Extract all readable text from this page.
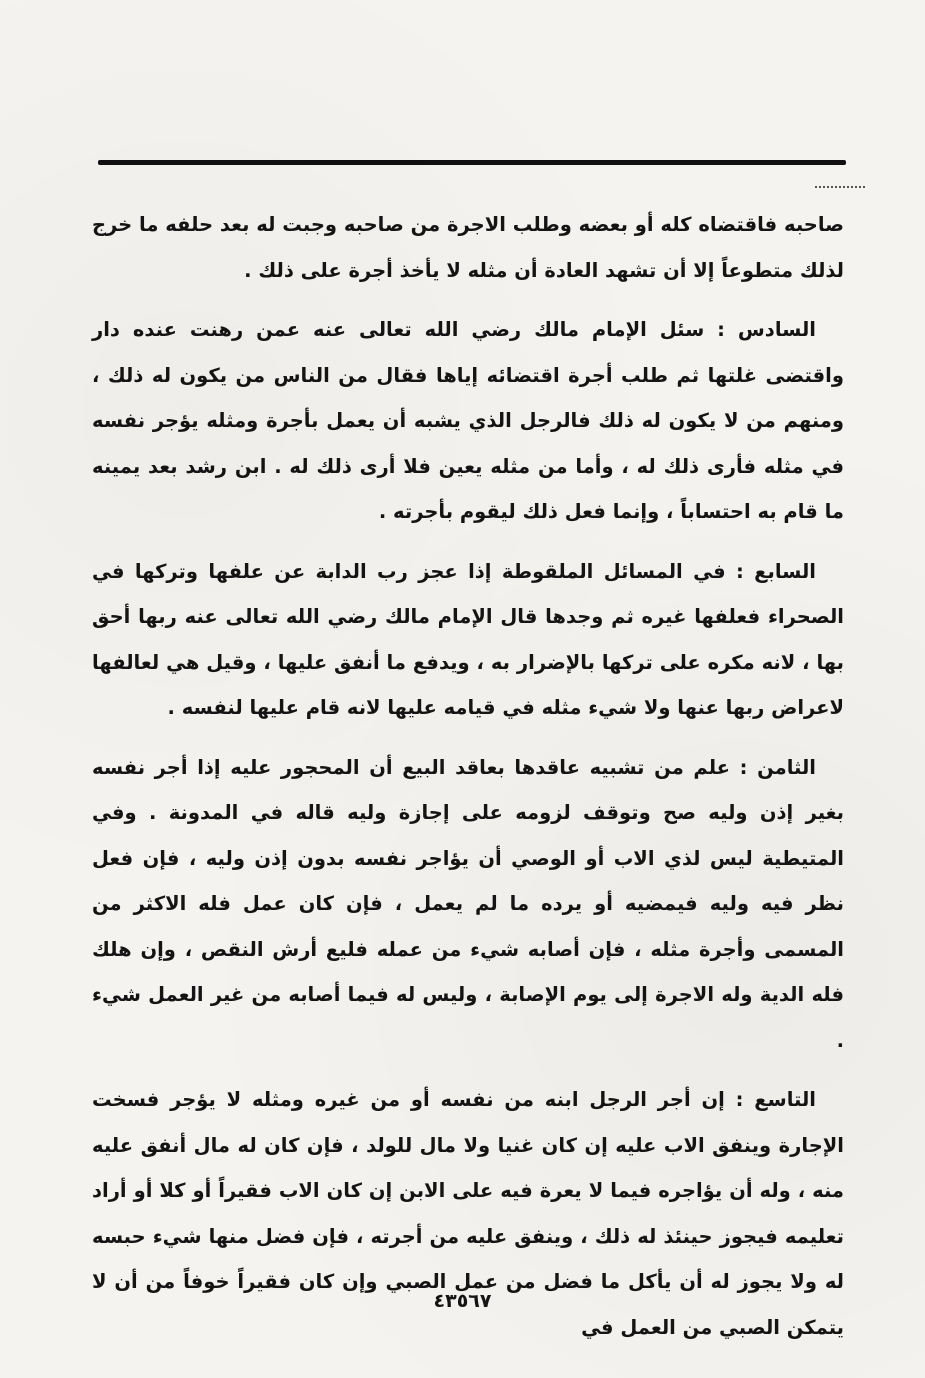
صاحبه فاقتضاه كله أو بعضه وطلب الاجرة من صاحبه وجبت له بعد حلفه ما خرج لذلك متطوعاً إلا أن تشهد العادة أن مثله لا يأخذ أجرة على ذلك .

السادس : سئل الإمام مالك رضي الله تعالى عنه عمن رهنت عنده دار واقتضى غلتها ثم طلب أجرة اقتضائه إياها فقال من الناس من يكون له ذلك ، ومنهم من لا يكون له ذلك فالرجل الذي يشبه أن يعمل بأجرة ومثله يؤجر نفسه في مثله فأرى ذلك له ، وأما من مثله يعين فلا أرى ذلك له . ابن رشد بعد يمينه ما قام به احتساباً ، وإنما فعل ذلك ليقوم بأجرته .

السابع : في المسائل الملقوطة إذا عجز رب الدابة عن علفها وتركها في الصحراء فعلفها غيره ثم وجدها قال الإمام مالك رضي الله تعالى عنه ربها أحق بها ، لانه مكره على تركها بالإضرار به ، ويدفع ما أنفق عليها ، وقيل هي لعالفها لاعراض ربها عنها ولا شيء مثله في قيامه عليها لانه قام عليها لنفسه .

الثامن : علم من تشبيه عاقدها بعاقد البيع أن المحجور عليه إذا أجر نفسه بغير إذن وليه صح وتوقف لزومه على إجازة وليه قاله في المدونة . وفي المتيطية ليس لذي الاب أو الوصي أن يؤاجر نفسه بدون إذن وليه ، فإن فعل نظر فيه وليه فيمضيه أو يرده ما لم يعمل ، فإن كان عمل فله الاكثر من المسمى وأجرة مثله ، فإن أصابه شيء من عمله فليع أرش النقص ، وإن هلك فله الدية وله الاجرة إلى يوم الإصابة ، وليس له فيما أصابه من غير العمل شيء .

التاسع : إن أجر الرجل ابنه من نفسه أو من غيره ومثله لا يؤجر فسخت الإجارة وينفق الاب عليه إن كان غنيا ولا مال للولد ، فإن كان له مال أنفق عليه منه ، وله أن يؤاجره فيما لا يعرة فيه على الابن إن كان الاب فقيراً أو كلا أو أراد تعليمه فيجوز حينئذ له ذلك ، وينفق عليه من أجرته ، فإن فضل منها شيء حبسه له ولا يجوز له أن يأكل ما فضل من عمل الصبي وإن كان فقيراً خوفاً من أن لا يتمكن الصبي من العمل في

٤٣٥٦٧
